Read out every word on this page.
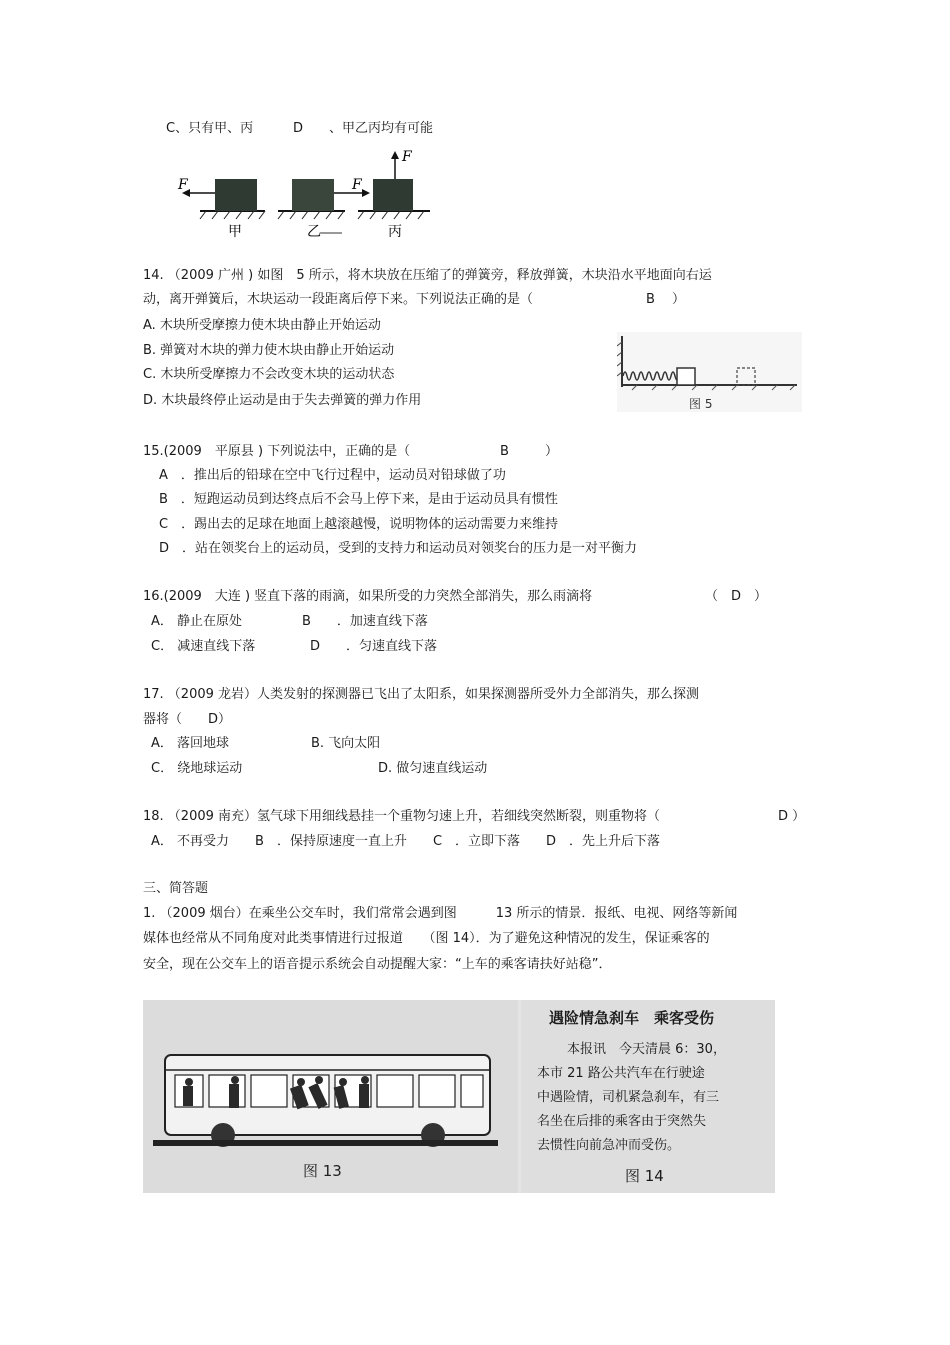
C、只有甲、丙	D　　、甲乙丙均有可能
F	F
F
甲	乙	丙
14. （2009 广州 ) 如图　5 所示，将木块放在压缩了的弹簧旁，释放弹簧，木块沿水平地面向右运
动，离开弹簧后，木块运动一段距离后停下来。下列说法正确的是（	B ）
A. 木块所受摩擦力使木块由静止开始运动
B. 弹簧对木块的弹力使木块由静止开始运动
C. 木块所受摩擦力不会改变木块的运动状态
D. 木块最终停止运动是由于失去弹簧的弹力作用	图 5
15.(2009　平原县 ) 下列说法中，正确的是（	B	）
A　．推出后的铅球在空中飞行过程中，运动员对铅球做了功
B　．短跑运动员到达终点后不会马上停下来，是由于运动员具有惯性
C　．踢出去的足球在地面上越滚越慢，说明物体的运动需要力来维持
D　．站在领奖台上的运动员，受到的支持力和运动员对领奖台的压力是一对平衡力
16.(2009　大连 ) 竖直下落的雨滴，如果所受的力突然全部消失，那么雨滴将	（　D　）
A． 静止在原处	B　　．加速直线下落
C． 减速直线下落	D　　．匀速直线下落
17. （2009 龙岩）人类发射的探测器已飞出了太阳系，如果探测器所受外力全部消失，那么探测
器将（　　D）
A． 落回地球	B. 飞向太阳
C． 绕地球运动	D. 做匀速直线运动
18. （2009 南充）氢气球下用细线悬挂一个重物匀速上升，若细线突然断裂，则重物将（	D ）
A． 不再受力　　B　．保持原速度一直上升　　C　．立即下落　　D　．先上升后下落
三、简答题
1. （2009 烟台）在乘坐公交车时，我们常常会遇到图　　　13 所示的情景．报纸、电视、网络等新闻
媒体也经常从不同角度对此类事情进行过报道　　（图 14）．为了避免这种情况的发生，保证乘客的
安全，现在公交车上的语音提示系统会自动提醒大家：“上车的乘客请扶好站稳”．
图 13
遇险情急刹车　乘客受伤
本报讯　今天清晨 6：30，
本市 21 路公共汽车在行驶途
中遇险情，司机紧急刹车，有三
名坐在后排的乘客由于突然失
去惯性向前急冲而受伤。
图 14
